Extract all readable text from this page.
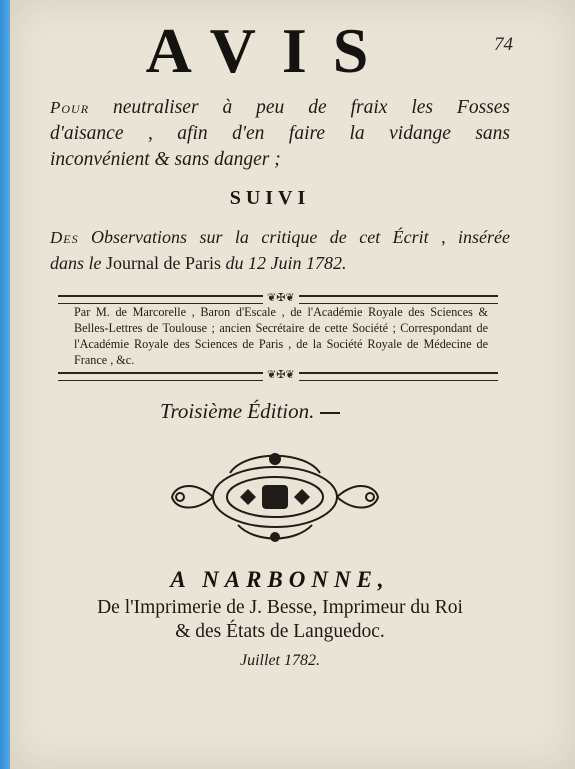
74
AVIS
Pour neutraliser à peu de fraix les Fosses
d'aisance , afin d'en faire la vidange sans
inconvénient & sans danger ;
SUIVI
Des Observations sur la critique de cet Écrit , insérée
dans le Journal de Paris du 12 Juin 1782.
❦✠❦
Par M. de Marcorelle , Baron d'Escale , de l'Académie Royale des Sciences & Belles-Lettres de Toulouse ; ancien Secrétaire de cette Société ; Correspondant de l'Académie Royale des Sciences de Paris , de la Société Royale de Médecine de France , &c.
❦✠❦
Troisième Édition.
A NARBONNE,
De l'Imprimerie de J. Besse, Imprimeur du Roi
& des États de Languedoc.
Juillet 1782.
